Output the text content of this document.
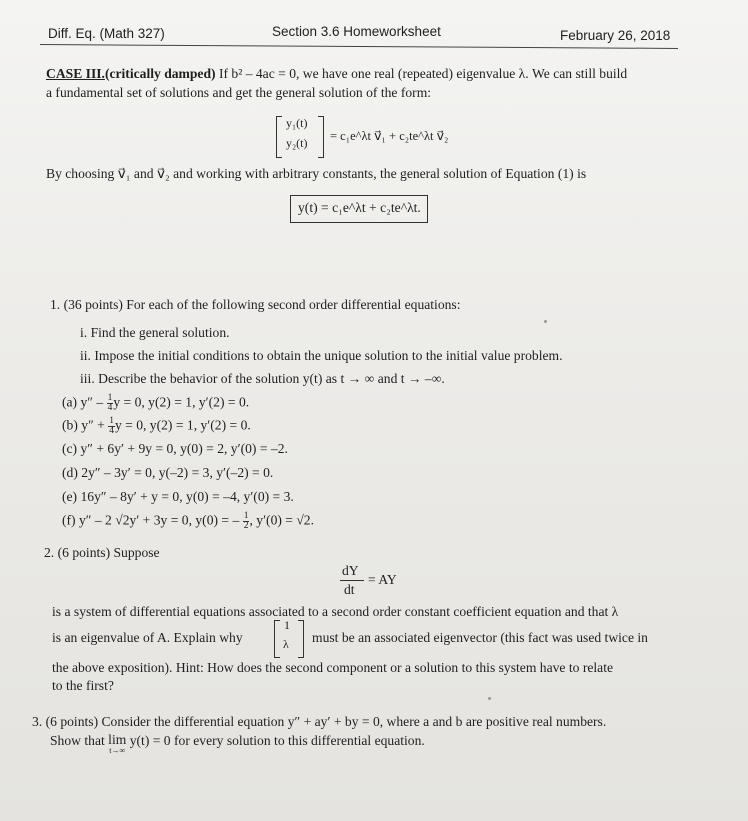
Diff. Eq. (Math 327)	Section 3.6 Homeworksheet	February 26, 2018
CASE III.(critically damped) If b² – 4ac = 0, we have one real (repeated) eigenvalue λ. We can still build
a fundamental set of solutions and get the general solution of the form:
y₁(t)
y₂(t) = c₁e^λt v⃗₁ + c₂te^λt v⃗₂
By choosing v⃗₁ and v⃗₂ and working with arbitrary constants, the general solution of Equation (1) is
y(t) = c₁e^λt + c₂te^λt.
1. (36 points) For each of the following second order differential equations:
i. Find the general solution.
ii. Impose the initial conditions to obtain the unique solution to the initial value problem.
iii. Describe the behavior of the solution y(t) as t → ∞ and t → –∞.
(a) $y'' - \frac{1}{4}$ y = 0, y(2) = 1, y′(2) = 0.
(b) $y'' + \frac{1}{4}$ y = 0, y(2) = 1, y′(2) = 0.
(c) y″ + 6y′ + 9y = 0, y(0) = 2, y′(0) = –2.
(d) 2y″ – 3y′ = 0, y(–2) = 3, y′(–2) = 0.
(e) 16y″ – 8y′ + y = 0, y(0) = –4, y′(0) = 3.
(f) y″ – 2 √2y′ + 3y = 0, y(0) = – $\frac{1}{2}$ , y′(0) = √2.
2. (6 points) Suppose
dY
dt
= AY
is a system of differential equations associated to a second order constant coefficient equation and that λ
is an eigenvalue of A. Explain why
1
λ must be an associated eigenvector (this fact was used twice in
the above exposition). Hint: How does the second component or a solution to this system have to relate
to the first?
3. (6 points) Consider the differential equation y″ + ay′ + by = 0, where a and b are positive real numbers.
Show that lim
t→∞
y(t) = 0 for every solution to this differential equation.
